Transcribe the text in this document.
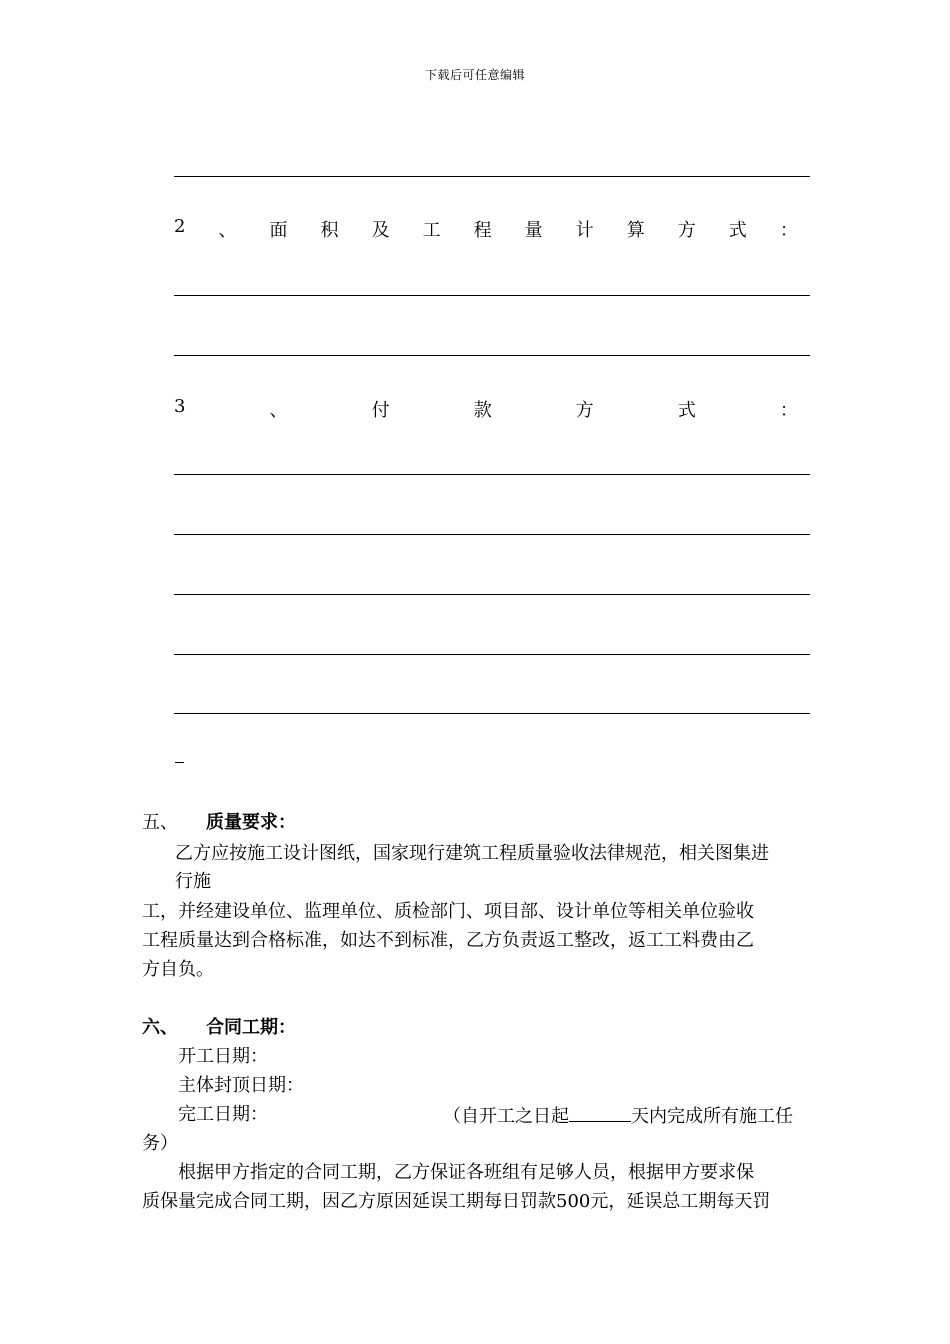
下载后可任意编辑
2 、 面 积 及 工 程 量 计 算 方 式 ：
3	、	付	款	方	式	：
五、 质量要求：
乙方应按施工设计图纸，国家现行建筑工程质量验收法律规范，相关图集进
行施
工，并经建设单位、监理单位、质检部门、项目部、设计单位等相关单位验收
工程质量达到合格标准，如达不到标准，乙方负责返工整改，返工工料费由乙
方自负。
六、 合同工期：
开工日期：
主体封顶日期：
完工日期：	（自开工之日起	天内完成所有施工任
务）
根据甲方指定的合同工期，乙方保证各班组有足够人员，根据甲方要求保
质保量完成合同工期，因乙方原因延误工期每日罚款500元，延误总工期每天罚
